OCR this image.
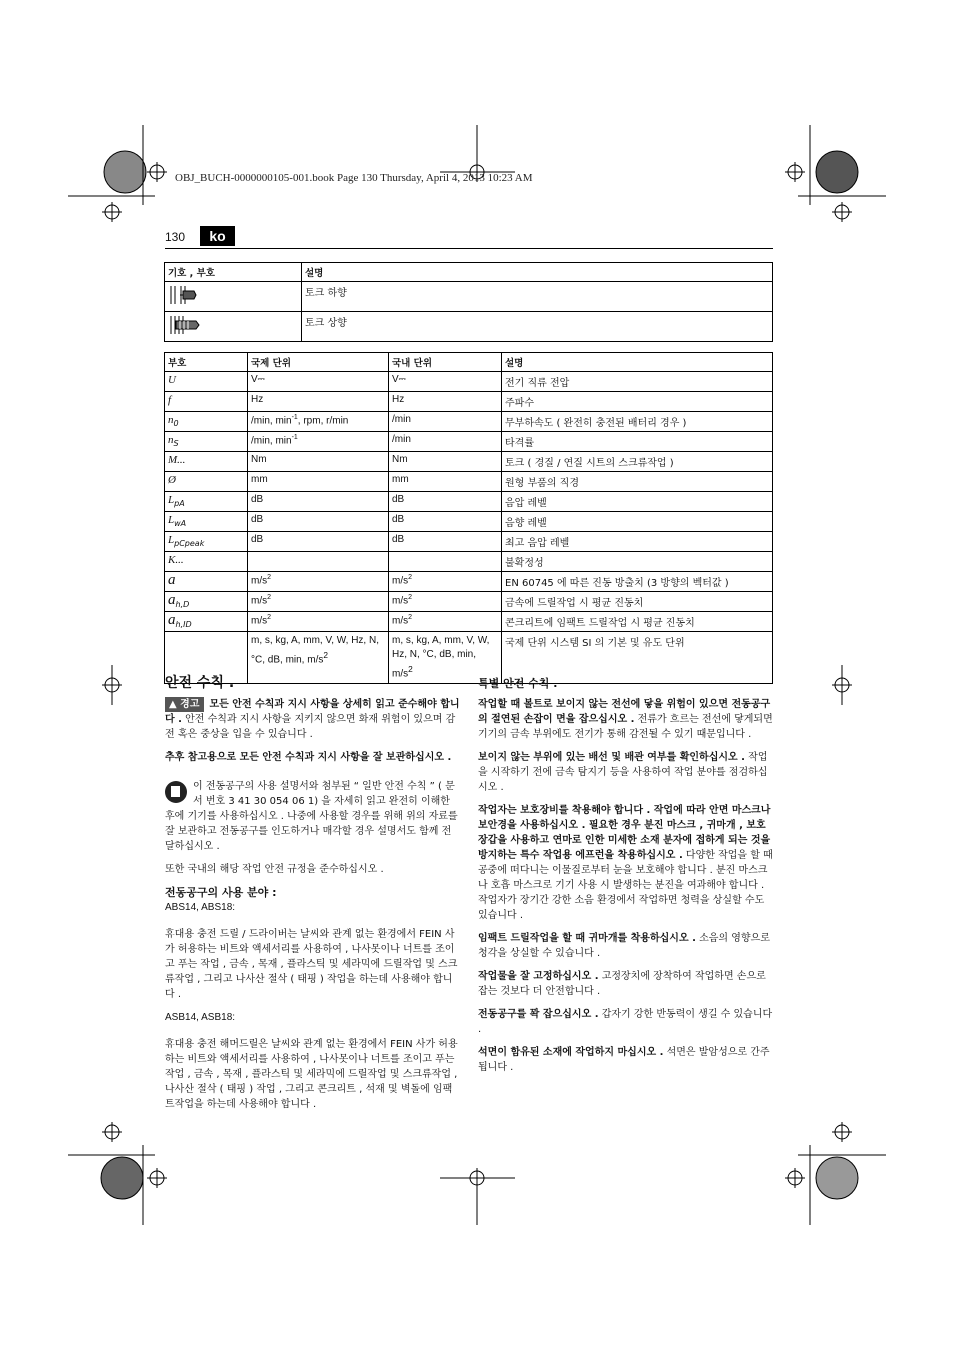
OBJ_BUCH-0000000105-001.book Page 130 Thursday, April 4, 2013 10:23 AM
130	ko
기호 , 부호	설명
	토크 하향
	토크 상향
부호	국제 단위	국내 단위	설명
U	V⎓	V⎓	전기 직류 전압
f	Hz	Hz	주파수
$n_0$	/min, $\min^{-1}$, rpm, r/min	/min	무부하속도 ( 완전히 충전된 배터리 경우 )
$n_S$	/min, $\min^{-1}$	/min	타격률
M...	Nm	Nm	토크 ( 경질 / 연질 시트의 스크류작업 )
Ø	mm	mm	원형 부품의 직경
$L_{pA}$	dB	dB	음압 레벨
$L_{wA}$	dB	dB	음향 레벨
$L_{pCpeak}$	dB	dB	최고 음압 레벨
K...			불확정성
a	$m/s^2$	$m/s^2$	EN 60745 에 따른 진동 방출치 (3 방향의 벡터값 )
$a_{h,D}$	$m/s^2$	$m/s^2$	금속에 드릴작업 시 평균 진동치
$a_{h,ID}$	$m/s^2$	$m/s^2$	콘크리트에 임팩트 드릴작업 시 평균 진동치
	m, s, kg, A, mm, V, W, Hz, N, °C, dB, min, $m/s^2$	m, s, kg, A, mm, V, W, Hz, N, °C, dB, min, $m/s^2$	국제 단위 시스템 SI 의 기본 및 유도 단위
안전 수칙 .

▲ 경고	모든 안전 수칙과 지시 사항을 상세히 읽고 준수해야 합니다 . 안전 수칙과 지시 사항을 지키지 않으면 화재 위험이 있으며 감전 혹은 중상을 입을 수 있습니다 .

추후 참고용으로 모든 안전 수칙과 지시 사항을 잘 보관하십시오 .

이 전동공구의 사용 설명서와 첨부된 “ 일반 안전 수칙 ” ( 문서 번호 3 41 30 054 06 1) 을 자세히 읽고 완전히 이해한 후에 기기를 사용하십시오 . 나중에 사용할 경우를 위해 위의 자료를 잘 보관하고 전동공구를 인도하거나 매각할 경우 설명서도 함께 전달하십시오 .

또한 국내의 해당 작업 안전 규정을 준수하십시오 .

전동공구의 사용 분야 :

ABS14, ABS18:

휴대용 충전 드릴 / 드라이버는 날씨와 관계 없는 환경에서 FEIN 사가 허용하는 비트와 액세서리를 사용하여 , 나사못이나 너트를 조이고 푸는 작업 , 금속 , 목재 , 플라스틱 및 세라믹에 드릴작업 및 스크류작업 , 그리고 나사산 절삭 ( 태핑 ) 작업을 하는데 사용해야 합니다 .

ASB14, ASB18:

휴대용 충전 해머드릴은 날씨와 관계 없는 환경에서 FEIN 사가 허용하는 비트와 액세서리를 사용하여 , 나사못이나 너트를 조이고 푸는 작업 , 금속 , 목재 , 플라스틱 및 세라믹에 드릴작업 및 스크류작업 , 나사산 절삭 ( 태핑 ) 작업 , 그리고 콘크리트 , 석재 및 벽돌에 임팩트작업을 하는데 사용해야 합니다 .

특별 안전 수칙 .

작업할 때 볼트로 보이지 않는 전선에 닿을 위험이 있으면 전동공구의 절연된 손잡이 면을 잡으십시오 . 전류가 흐르는 전선에 닿게되면 기기의 금속 부위에도 전기가 통해 감전될 수 있기 때문입니다 .

보이지 않는 부위에 있는 배선 및 배관 여부를 확인하십시오 . 작업을 시작하기 전에 금속 탐지기 등을 사용하여 작업 분야를 점검하십시오 .

작업자는 보호장비를 착용해야 합니다 . 작업에 따라 안면 마스크나 보안경을 사용하십시오 . 필요한 경우 분진 마스크 , 귀마개 , 보호장갑을 사용하고 연마로 인한 미세한 소재 분자에 접하게 되는 것을 방지하는 특수 작업용 에프런을 착용하십시오 . 다양한 작업을 할 때 공중에 떠다니는 이물질로부터 눈을 보호해야 합니다 . 분진 마스크나 호흡 마스크로 기기 사용 시 발생하는 분진을 여과해야 합니다 . 작업자가 장기간 강한 소음 환경에서 작업하면 청력을 상실할 수도 있습니다 .

임팩트 드릴작업을 할 때 귀마개를 착용하십시오 . 소음의 영향으로 청각을 상실할 수 있습니다 .

작업물을 잘 고정하십시오 . 고정장치에 장착하여 작업하면 손으로 잡는 것보다 더 안전합니다 .

전동공구를 꽉 잡으십시오 . 갑자기 강한 반동력이 생길 수 있습니다 .

석면이 함유된 소재에 작업하지 마십시오 . 석면은 발암성으로 간주됩니다 .
